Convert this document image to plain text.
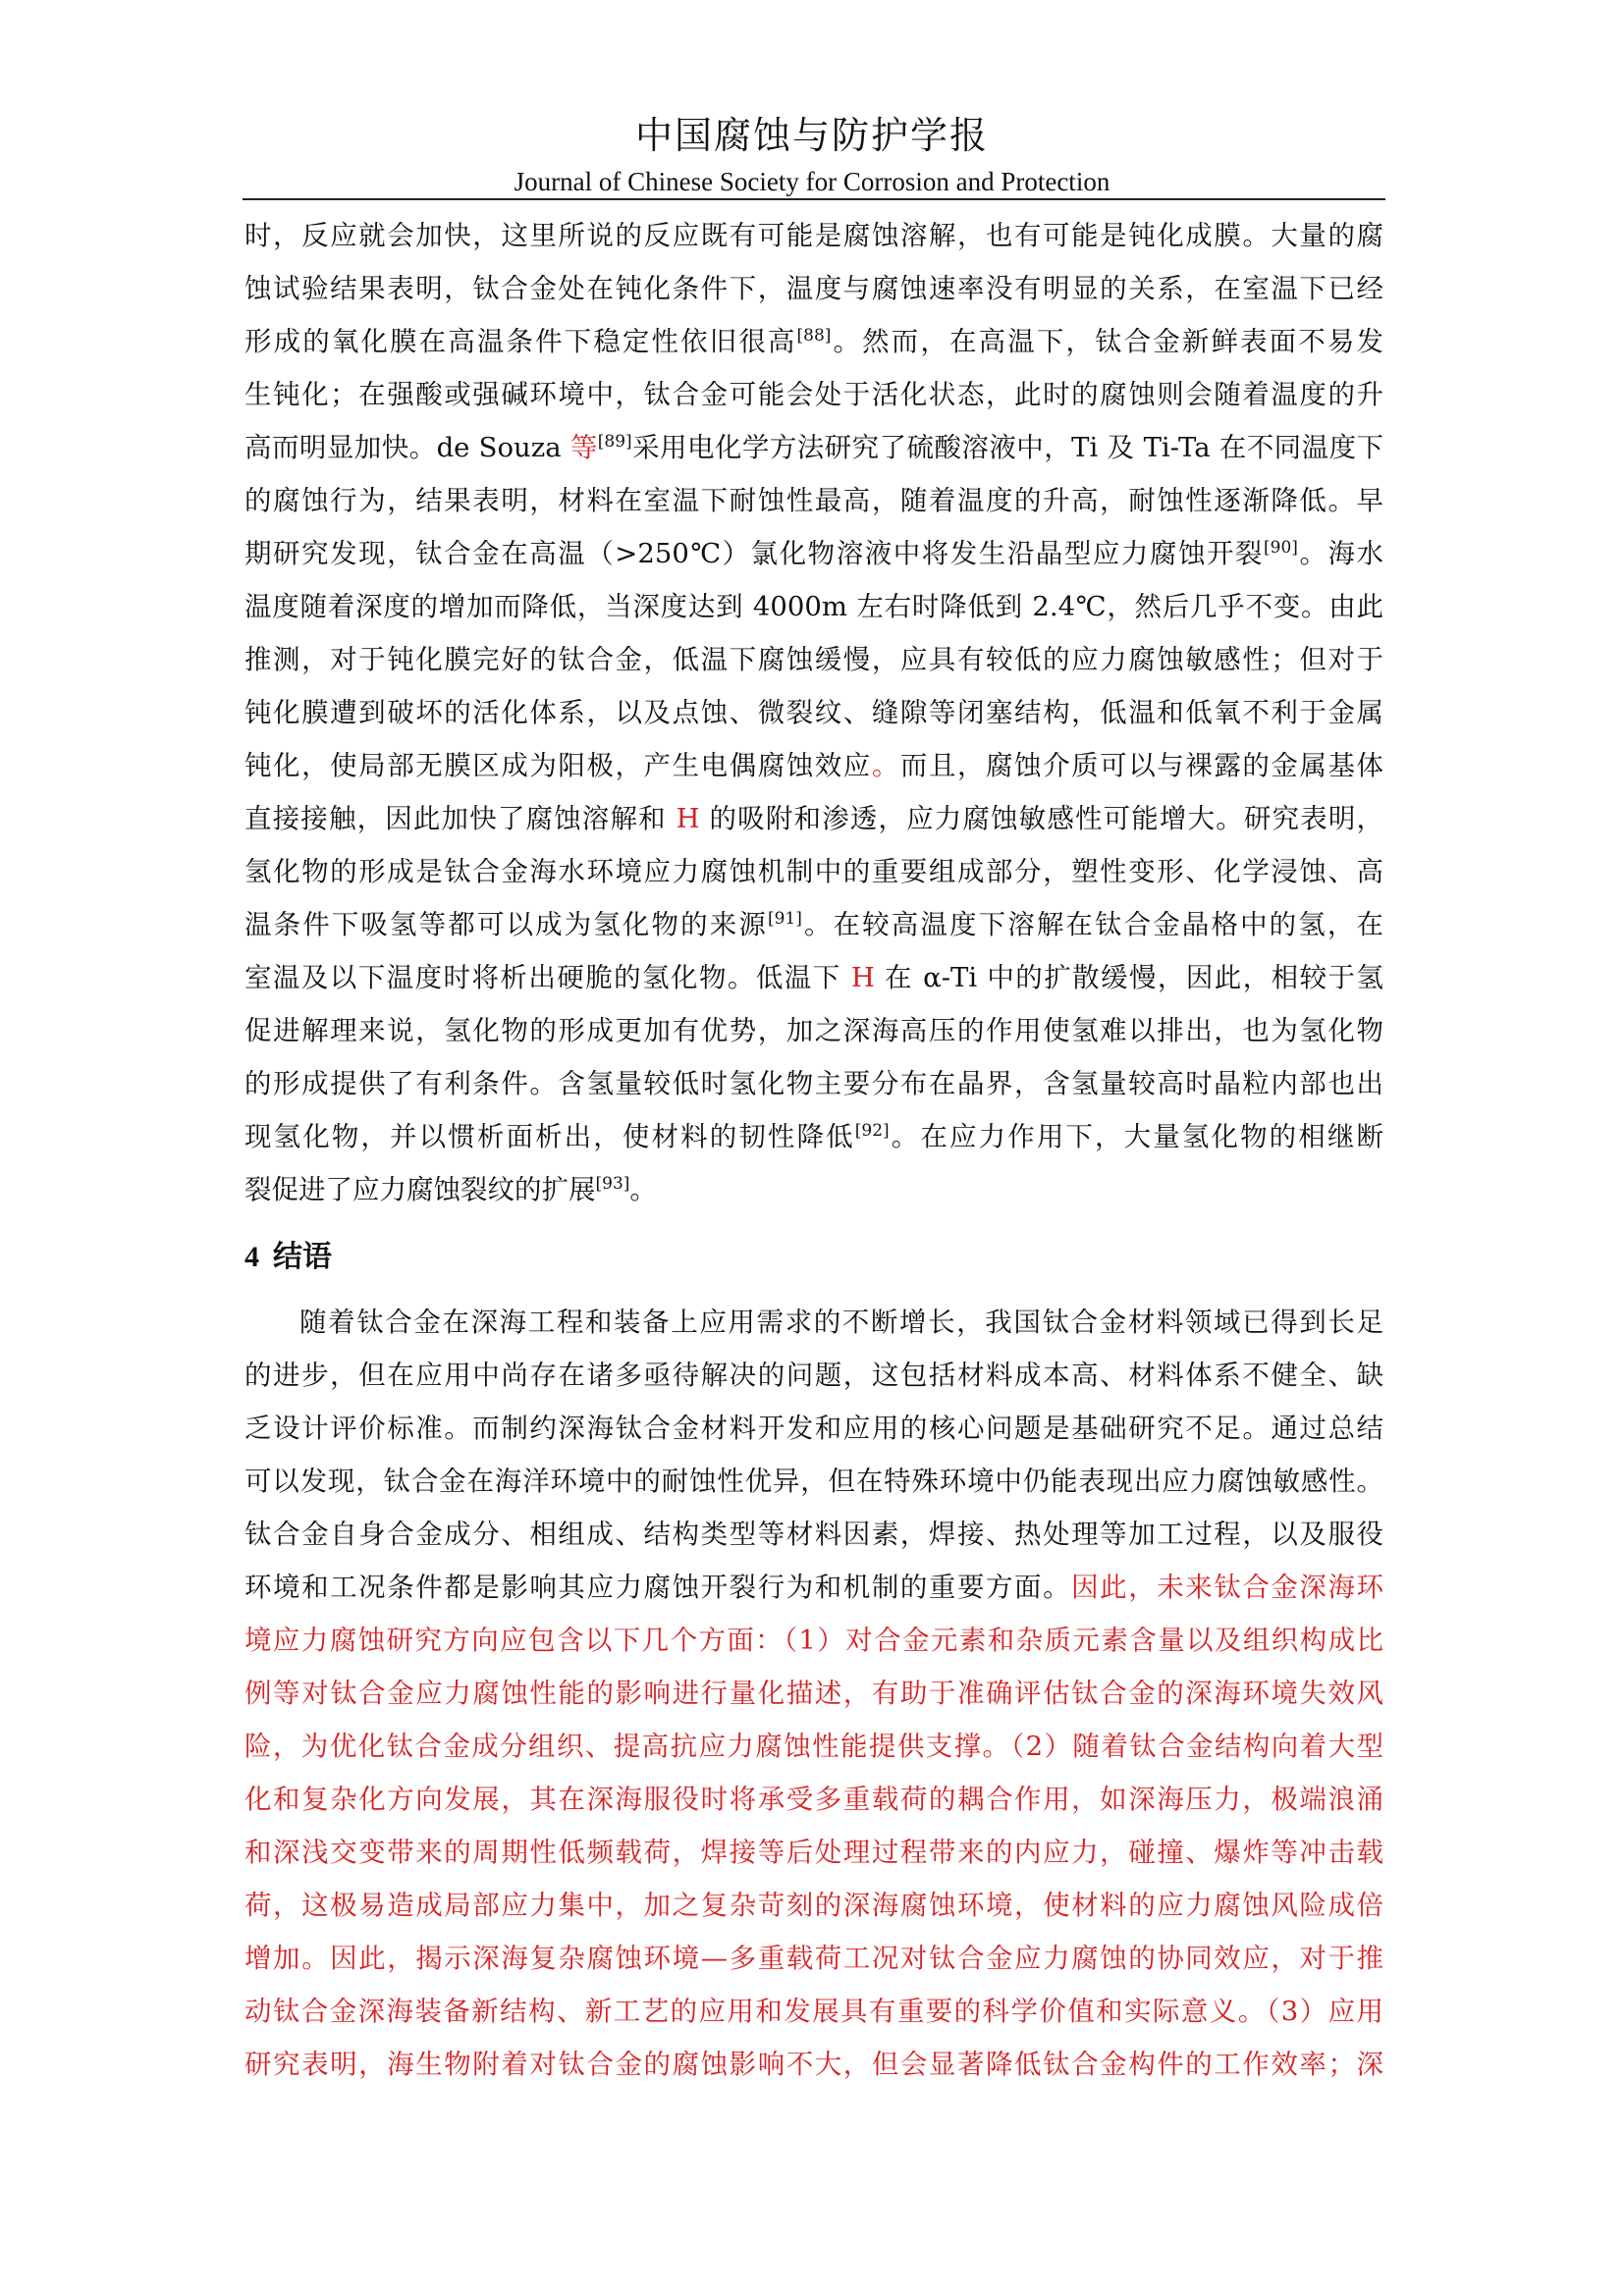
中国腐蚀与防护学报
Journal of Chinese Society for Corrosion and Protection
时，反应就会加快，这里所说的反应既有可能是腐蚀溶解，也有可能是钝化成膜。大量的腐
蚀试验结果表明，钛合金处在钝化条件下，温度与腐蚀速率没有明显的关系，在室温下已经
形成的氧化膜在高温条件下稳定性依旧很高[88]。然而，在高温下，钛合金新鲜表面不易发
生钝化；在强酸或强碱环境中，钛合金可能会处于活化状态，此时的腐蚀则会随着温度的升
高而明显加快。de Souza 等[89]采用电化学方法研究了硫酸溶液中，Ti 及 Ti-Ta 在不同温度下
的腐蚀行为，结果表明，材料在室温下耐蚀性最高，随着温度的升高，耐蚀性逐渐降低。早
期研究发现，钛合金在高温（>250℃）氯化物溶液中将发生沿晶型应力腐蚀开裂[90]。海水
温度随着深度的增加而降低，当深度达到 4000m 左右时降低到 2.4℃，然后几乎不变。由此
推测，对于钝化膜完好的钛合金，低温下腐蚀缓慢，应具有较低的应力腐蚀敏感性；但对于
钝化膜遭到破坏的活化体系，以及点蚀、微裂纹、缝隙等闭塞结构，低温和低氧不利于金属
钝化，使局部无膜区成为阳极，产生电偶腐蚀效应。而且，腐蚀介质可以与裸露的金属基体
直接接触，因此加快了腐蚀溶解和 H 的吸附和渗透，应力腐蚀敏感性可能增大。研究表明，
氢化物的形成是钛合金海水环境应力腐蚀机制中的重要组成部分，塑性变形、化学浸蚀、高
温条件下吸氢等都可以成为氢化物的来源[91]。在较高温度下溶解在钛合金晶格中的氢，在
室温及以下温度时将析出硬脆的氢化物。低温下 H 在 α-Ti 中的扩散缓慢，因此，相较于氢
促进解理来说，氢化物的形成更加有优势，加之深海高压的作用使氢难以排出，也为氢化物
的形成提供了有利条件。含氢量较低时氢化物主要分布在晶界，含氢量较高时晶粒内部也出
现氢化物，并以惯析面析出，使材料的韧性降低[92]。在应力作用下，大量氢化物的相继断
裂促进了应力腐蚀裂纹的扩展[93]。
4 结语
随着钛合金在深海工程和装备上应用需求的不断增长，我国钛合金材料领域已得到长足
的进步，但在应用中尚存在诸多亟待解决的问题，这包括材料成本高、材料体系不健全、缺
乏设计评价标准。而制约深海钛合金材料开发和应用的核心问题是基础研究不足。通过总结
可以发现，钛合金在海洋环境中的耐蚀性优异，但在特殊环境中仍能表现出应力腐蚀敏感性。
钛合金自身合金成分、相组成、结构类型等材料因素，焊接、热处理等加工过程，以及服役
环境和工况条件都是影响其应力腐蚀开裂行为和机制的重要方面。因此，未来钛合金深海环
境应力腐蚀研究方向应包含以下几个方面：（1）对合金元素和杂质元素含量以及组织构成比
例等对钛合金应力腐蚀性能的影响进行量化描述，有助于准确评估钛合金的深海环境失效风
险，为优化钛合金成分组织、提高抗应力腐蚀性能提供支撑。（2）随着钛合金结构向着大型
化和复杂化方向发展，其在深海服役时将承受多重载荷的耦合作用，如深海压力，极端浪涌
和深浅交变带来的周期性低频载荷，焊接等后处理过程带来的内应力，碰撞、爆炸等冲击载
荷，这极易造成局部应力集中，加之复杂苛刻的深海腐蚀环境，使材料的应力腐蚀风险成倍
增加。因此，揭示深海复杂腐蚀环境—多重载荷工况对钛合金应力腐蚀的协同效应，对于推
动钛合金深海装备新结构、新工艺的应用和发展具有重要的科学价值和实际意义。（3）应用
研究表明，海生物附着对钛合金的腐蚀影响不大，但会显著降低钛合金构件的工作效率；深
